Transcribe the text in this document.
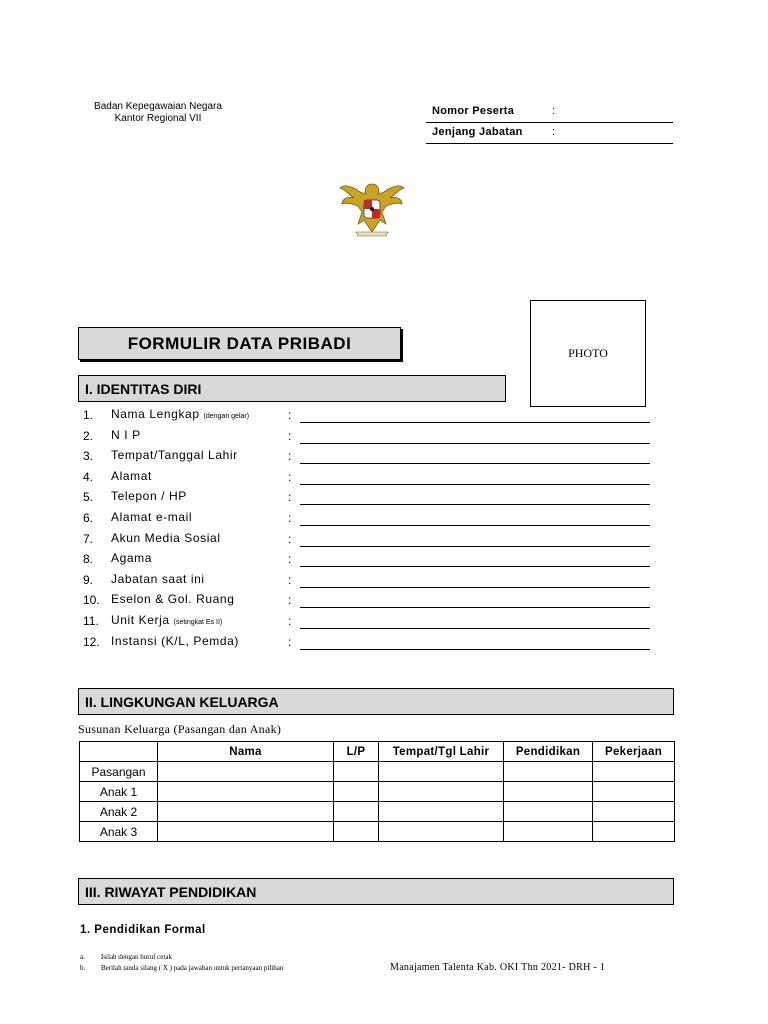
Badan Kepegawaian Negara
Kantor Regional VII
Nomor Peserta	:
Jenjang Jabatan	:
FORMULIR DATA PRIBADI
PHOTO
I. IDENTITAS DIRI
1. Nama Lengkap (dengan gelar)	:
2. N I P	:
3. Tempat/Tanggal Lahir	:
4. Alamat	:
5. Telepon / HP	:
6. Alamat e-mail	:
7. Akun Media Sosial	:
8. Agama	:
9. Jabatan saat ini	:
10. Eselon & Gol. Ruang	:
11. Unit Kerja (setingkat Es II)	:
12. Instansi (K/L, Pemda)	:
II. LINGKUNGAN KELUARGA
Susunan Keluarga (Pasangan dan Anak)
	Nama	L/P	Tempat/Tgl Lahir	Pendidikan	Pekerjaan
Pasangan					
Anak 1					
Anak 2					
Anak 3					
III. RIWAYAT PENDIDIKAN
1. Pendidikan Formal
a. Isilah dengan huruf cetak
b. Berilah tanda silang ( X ) pada jawaban untuk pertanyaan pilihan	Manajamen Talenta Kab. OKI Thn 2021- DRH - 1
